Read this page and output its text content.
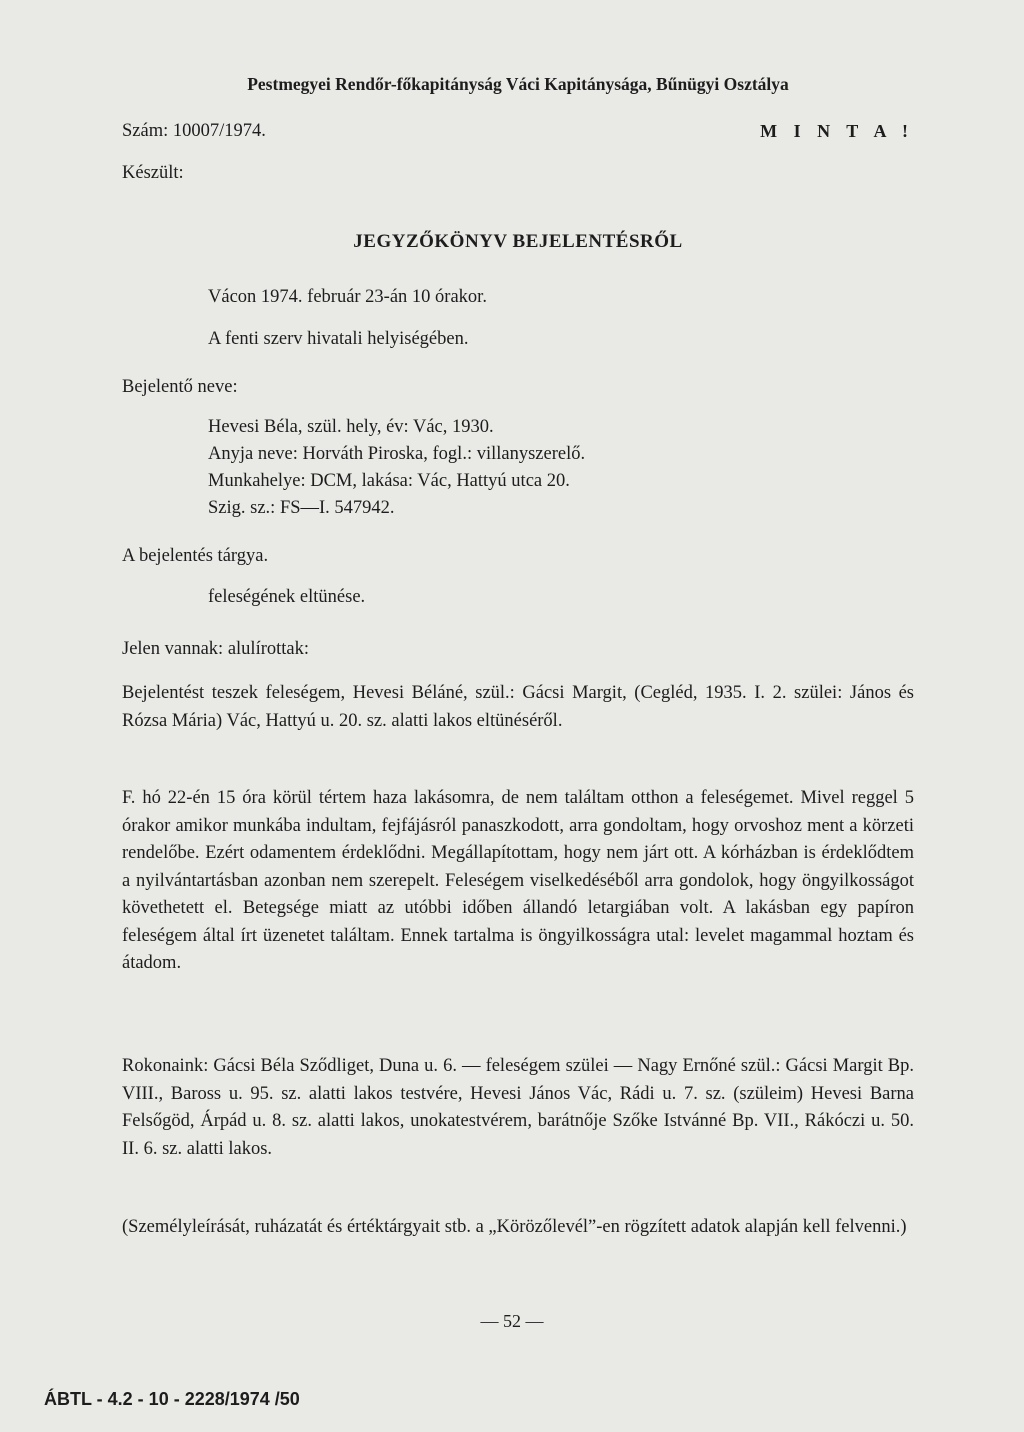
Pestmegyei Rendőr-főkapitányság Váci Kapitánysága, Bűnügyi Osztálya
Szám: 10007/1974.	M I N T A !
Készült:
JEGYZŐKÖNYV BEJELENTÉSRŐL
Vácon 1974. február 23-án 10 órakor.
A fenti szerv hivatali helyiségében.
Bejelentő neve:
Hevesi Béla, szül. hely, év: Vác, 1930.
Anyja neve: Horváth Piroska, fogl.: villanyszerelő.
Munkahelye: DCM, lakása: Vác, Hattyú utca 20.
Szig. sz.: FS—I. 547942.
A bejelentés tárgya.
feleségének eltünése.
Jelen vannak: alulírottak:
Bejelentést teszek feleségem, Hevesi Béláné, szül.: Gácsi Margit, (Cegléd, 1935. I. 2. szülei: János és Rózsa Mária) Vác, Hattyú u. 20. sz. alatti lakos eltünéséről.
F. hó 22-én 15 óra körül tértem haza lakásomra, de nem találtam otthon a feleségemet. Mivel reggel 5 órakor amikor munkába indultam, fejfájásról panaszkodott, arra gondoltam, hogy orvoshoz ment a körzeti rendelőbe. Ezért odamentem érdeklődni. Megállapítottam, hogy nem járt ott. A kórházban is érdeklődtem a nyilvántartásban azonban nem szerepelt. Feleségem viselkedéséből arra gondolok, hogy öngyilkosságot követhetett el. Betegsége miatt az utóbbi időben állandó letargiában volt. A lakásban egy papíron feleségem által írt üzenetet találtam. Ennek tartalma is öngyilkosságra utal: levelet magammal hoztam és átadom.
Rokonaink: Gácsi Béla Sződliget, Duna u. 6. — feleségem szülei — Nagy Ernőné szül.: Gácsi Margit Bp. VIII., Baross u. 95. sz. alatti lakos testvére, Hevesi János Vác, Rádi u. 7. sz. (szüleim) Hevesi Barna Felsőgöd, Árpád u. 8. sz. alatti lakos, unokatestvérem, barátnője Szőke Istvánné Bp. VII., Rákóczi u. 50. II. 6. sz. alatti lakos.
(Személyleírását, ruházatát és értéktárgyait stb. a „Körözőlevél”-en rögzített adatok alapján kell felvenni.)
— 52 —
ÁBTL - 4.2 - 10 - 2228/1974 /50
